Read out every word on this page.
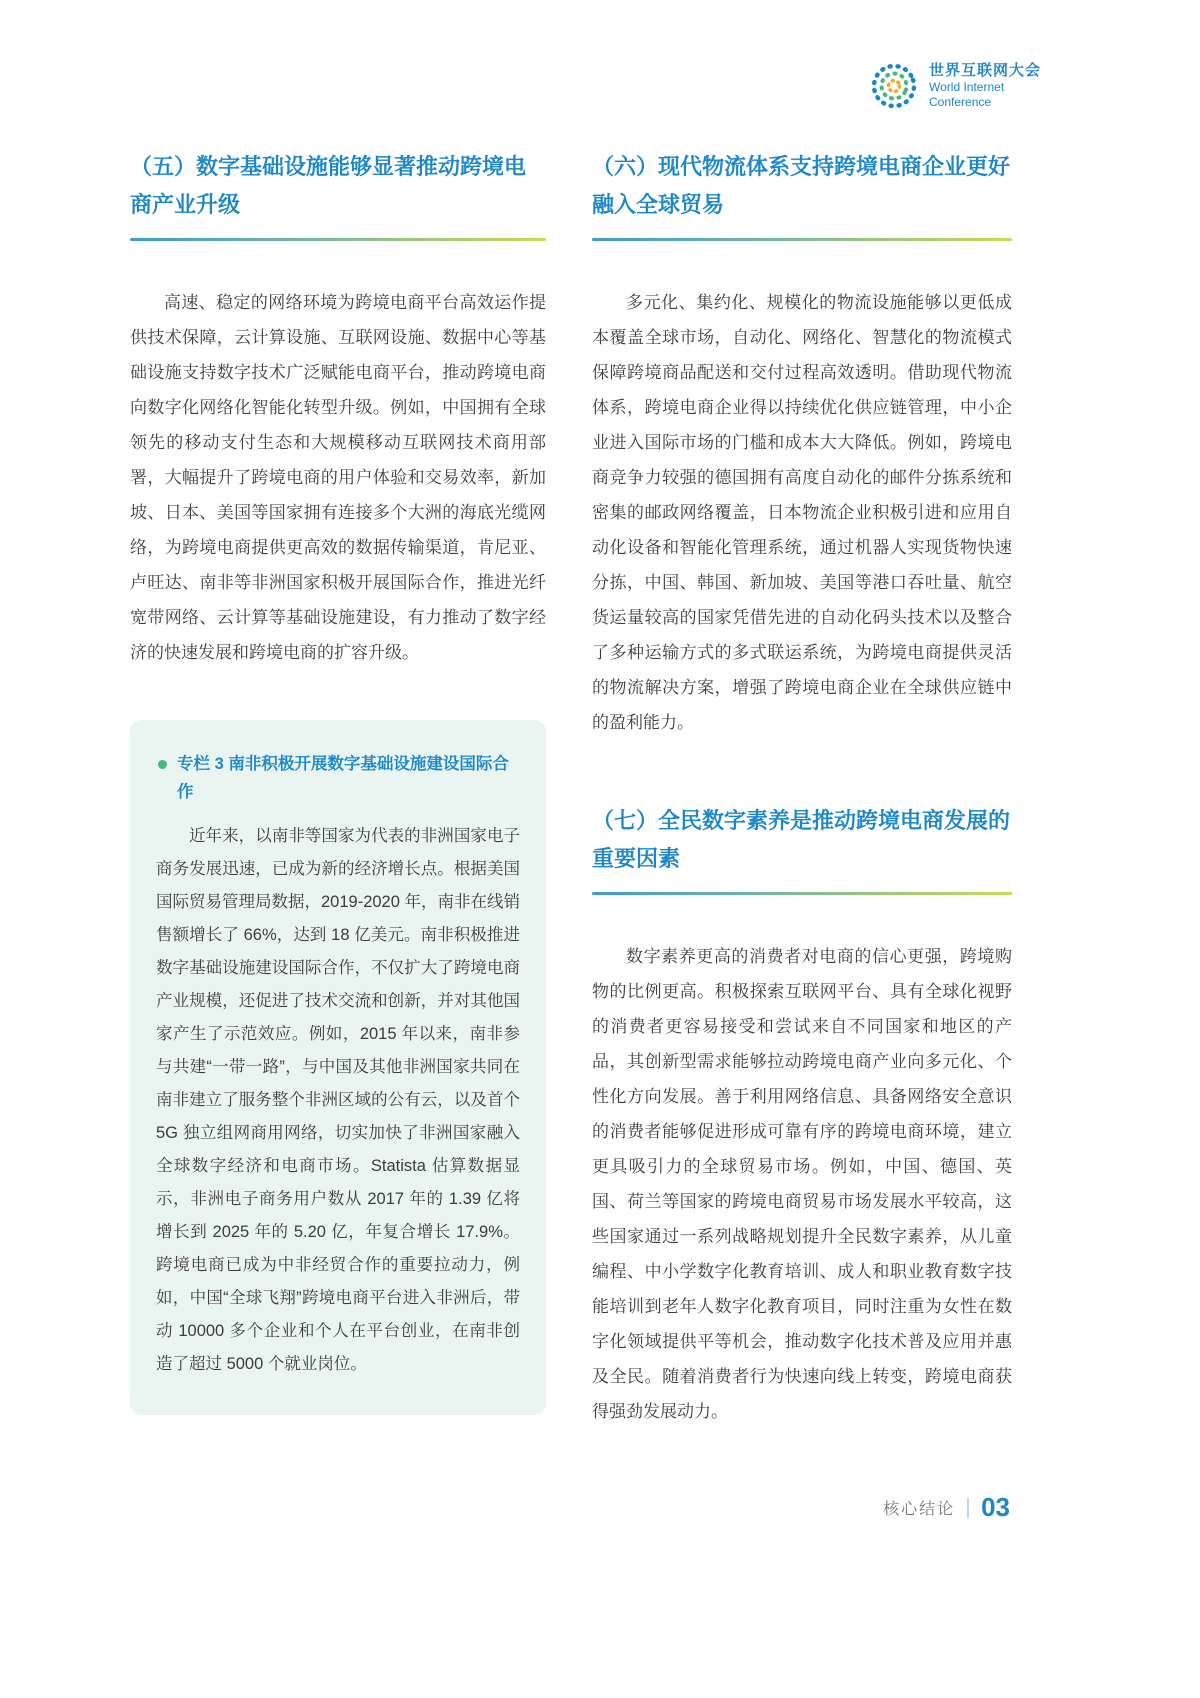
世界互联网大会
World Internet
Conference
（五）数字基础设施能够显著推动跨境电商产业升级

高速、稳定的网络环境为跨境电商平台高效运作提供技术保障，云计算设施、互联网设施、数据中心等基础设施支持数字技术广泛赋能电商平台，推动跨境电商向数字化网络化智能化转型升级。例如，中国拥有全球领先的移动支付生态和大规模移动互联网技术商用部署，大幅提升了跨境电商的用户体验和交易效率，新加坡、日本、美国等国家拥有连接多个大洲的海底光缆网络，为跨境电商提供更高效的数据传输渠道，肯尼亚、卢旺达、南非等非洲国家积极开展国际合作，推进光纤宽带网络、云计算等基础设施建设，有力推动了数字经济的快速发展和跨境电商的扩容升级。

专栏 3 南非积极开展数字基础设施建设国际合作

近年来，以南非等国家为代表的非洲国家电子商务发展迅速，已成为新的经济增长点。根据美国国际贸易管理局数据，2019-2020 年，南非在线销售额增长了 66%，达到 18 亿美元。南非积极推进数字基础设施建设国际合作，不仅扩大了跨境电商产业规模，还促进了技术交流和创新，并对其他国家产生了示范效应。例如，2015 年以来，南非参与共建“一带一路”，与中国及其他非洲国家共同在南非建立了服务整个非洲区域的公有云，以及首个 5G 独立组网商用网络，切实加快了非洲国家融入全球数字经济和电商市场。Statista 估算数据显示，非洲电子商务用户数从 2017 年的 1.39 亿将增长到 2025 年的 5.20 亿，年复合增长 17.9%。跨境电商已成为中非经贸合作的重要拉动力，例如，中国“全球飞翔”跨境电商平台进入非洲后，带动 10000 多个企业和个人在平台创业，在南非创造了超过 5000 个就业岗位。

（六）现代物流体系支持跨境电商企业更好融入全球贸易

多元化、集约化、规模化的物流设施能够以更低成本覆盖全球市场，自动化、网络化、智慧化的物流模式保障跨境商品配送和交付过程高效透明。借助现代物流体系，跨境电商企业得以持续优化供应链管理，中小企业进入国际市场的门槛和成本大大降低。例如，跨境电商竞争力较强的德国拥有高度自动化的邮件分拣系统和密集的邮政网络覆盖，日本物流企业积极引进和应用自动化设备和智能化管理系统，通过机器人实现货物快速分拣，中国、韩国、新加坡、美国等港口吞吐量、航空货运量较高的国家凭借先进的自动化码头技术以及整合了多种运输方式的多式联运系统，为跨境电商提供灵活的物流解决方案，增强了跨境电商企业在全球供应链中的盈利能力。

（七）全民数字素养是推动跨境电商发展的重要因素

数字素养更高的消费者对电商的信心更强，跨境购物的比例更高。积极探索互联网平台、具有全球化视野的消费者更容易接受和尝试来自不同国家和地区的产品，其创新型需求能够拉动跨境电商产业向多元化、个性化方向发展。善于利用网络信息、具备网络安全意识的消费者能够促进形成可靠有序的跨境电商环境，建立更具吸引力的全球贸易市场。例如，中国、德国、英国、荷兰等国家的跨境电商贸易市场发展水平较高，这些国家通过一系列战略规划提升全民数字素养，从儿童编程、中小学数字化教育培训、成人和职业教育数字技能培训到老年人数字化教育项目，同时注重为女性在数字化领域提供平等机会，推动数字化技术普及应用并惠及全民。随着消费者行为快速向线上转变，跨境电商获得强劲发展动力。

核心结论 03
